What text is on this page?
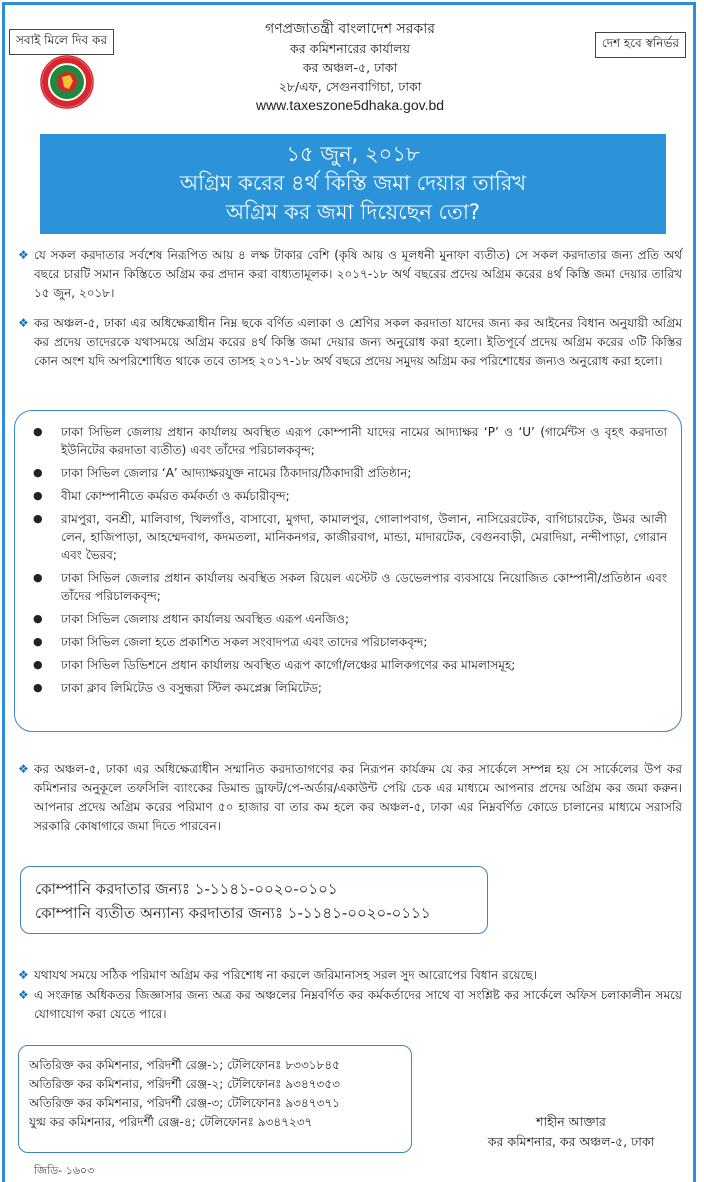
সবাই মিলে দিব কর	দেশ হবে স্বনির্ভর
গণপ্রজাতন্ত্রী বাংলাদেশ সরকার
কর কমিশনারের কার্যালয়
কর অঞ্চল-৫, ঢাকা
২৮/এফ, সেগুনবাগিচা, ঢাকা
www.taxeszone5dhaka.gov.bd
১৫ জুন, ২০১৮
অগ্রিম করের ৪র্থ কিস্তি জমা দেয়ার তারিখ
অগ্রিম কর জমা দিয়েছেন তো?
❖ যে সকল করদাতার সর্বশেষ নিরূপিত আয় ৪ লক্ষ টাকার বেশি (কৃষি আয় ও মূলধনী মুনাফা ব্যতীত) সে সকল করদাতার জন্য প্রতি অর্থ বছরে চারটি সমান কিস্তিতে অগ্রিম কর প্রদান করা বাধ্যতামূলক। ২০১৭-১৮ অর্থ বছরের প্রদেয় অগ্রিম করের ৪র্থ কিস্তি জমা দেয়ার তারিখ ১৫ জুন, ২০১৮।
❖ কর অঞ্চল-৫, ঢাকা এর অধিক্ষেত্রাধীন নিম্ন ছকে বর্ণিত এলাকা ও শ্রেণির সকল করদাতা যাদের জন্য কর আইনের বিধান অনুযায়ী অগ্রিম কর প্রদেয় তাদেরকে যথাসময়ে অগ্রিম করের ৪র্থ কিস্তি জমা দেয়ার জন্য অনুরোধ করা হলো। ইতিপূর্বে প্রদেয় অগ্রিম করের ৩টি কিস্তির কোন অংশ যদি অপরিশোধিত থাকে তবে তাসহ ২০১৭-১৮ অর্থ বছরে প্রদেয় সমুদয় অগ্রিম কর পরিশোধের জন্যও অনুরোধ করা হলো।
● ঢাকা সিভিল জেলায় প্রধান কার্যালয় অবস্থিত এরূপ কোম্পানী যাদের নামের আদ্যাক্ষর ‘P’ ও ‘U’ (গার্মেন্টস ও বৃহৎ করদাতা ইউনিটের করদাতা ব্যতীত) এবং তাঁদের পরিচালকবৃন্দ;
● ঢাকা সিভিল জেলার ‘A’ আদ্যাক্ষরযুক্ত নামের ঠিকাদার/ঠিকাদারী প্রতিষ্ঠান;
● বীমা কোম্পানীতে কর্মরত কর্মকর্তা ও কর্মচারীবৃন্দ;
● রামপুরা, বনশ্রী, মালিবাগ, খিলগাঁও, বাসাবো, মুগদা, কামালপুর, গোলাপবাগ, উলান, নাসিরেরটেক, বাগিচারটেক, উমর আলী লেন, হাজিপাড়া, আহম্মেদবাগ, কদমতলা, মানিকনগর, কাজীরবাগ, মান্ডা, মাদারটেক, বেগুনবাড়ী, মেরাদিয়া, নন্দীপাড়া, গোরান এবং ভৈরব;
● ঢাকা সিভিল জেলার প্রধান কার্যালয় অবস্থিত সকল রিয়েল এস্টেট ও ডেভেলপার ব্যবসায়ে নিয়োজিত কোম্পানী/প্রতিষ্ঠান এবং তাঁদের পরিচালকবৃন্দ;
● ঢাকা সিভিল জেলায় প্রধান কার্যালয় অবস্থিত এরূপ এনজিও;
● ঢাকা সিভিল জেলা হতে প্রকাশিত সকল সংবাদপত্র এবং তাদের পরিচালকবৃন্দ;
● ঢাকা সিভিল ডিভিশনে প্রধান কার্যালয় অবস্থিত এরূপ কার্গো/লঞ্চের মালিকগণের কর মামলাসমূহ;
● ঢাকা ক্লাব লিমিটেড ও বসুন্ধরা স্টিল কমপ্লেক্স লিমিটেড;
❖ কর অঞ্চল-৫, ঢাকা এর অধিক্ষেত্রাধীন সম্মানিত করদাতাগণের কর নিরূপন কার্যক্রম যে কর সার্কেলে সম্পন্ন হয় সে সার্কেলের উপ কর কমিশনার অনুকূলে তফসিলি ব্যাংকের ডিমান্ড ড্রাফট/পে-অর্ডার/একাউন্ট পেয়ি চেক এর মাধ্যমে আপনার প্রদেয় অগ্রিম কর জমা করুন। আপনার প্রদেয় অগ্রিম করের পরিমাণ ৫০ হাজার বা তার কম হলে কর অঞ্চল-৫, ঢাকা এর নিম্নবর্ণিত কোডে চালানের মাধ্যমে সরাসরি সরকারি কোষাগারে জমা দিতে পারবেন।
কোম্পানি করদাতার জন্যঃ ১-১১৪১-০০২০-০১০১
কোম্পানি ব্যতীত অন্যান্য করদাতার জন্যঃ ১-১১৪১-০০২০-০১১১
❖ যথাযথ সময়ে সঠিক পরিমাণ অগ্রিম কর পরিশোধ না করলে জরিমানাসহ সরল সুদ আরোপের বিধান রয়েছে।
❖ এ সংক্রান্ত অধিকতর জিজ্ঞাসার জন্য অত্র কর অঞ্চলের নিম্নবর্ণিত কর কর্মকর্তাদের সাথে বা সংশ্লিষ্ট কর সার্কেলে অফিস চলাকালীন সময়ে যোগাযোগ করা যেতে পারে।
অতিরিক্ত কর কমিশনার, পরিদর্শী রেঞ্জ-১; টেলিফোনঃ ৮৩৩১৮৪৫
অতিরিক্ত কর কমিশনার, পরিদর্শী রেঞ্জ-২; টেলিফোনঃ ৯৩৪৭৩৫৩
অতিরিক্ত কর কমিশনার, পরিদর্শী রেঞ্জ-৩; টেলিফোনঃ ৯৩৪৭৩৭১
যুগ্ম কর কমিশনার, পরিদর্শী রেঞ্জ-৪; টেলিফোনঃ ৯৩৪৭২৩৭	শাহীন আক্তার
কর কমিশনার, কর অঞ্চল-৫, ঢাকা
জিডি- ১৬০৩
